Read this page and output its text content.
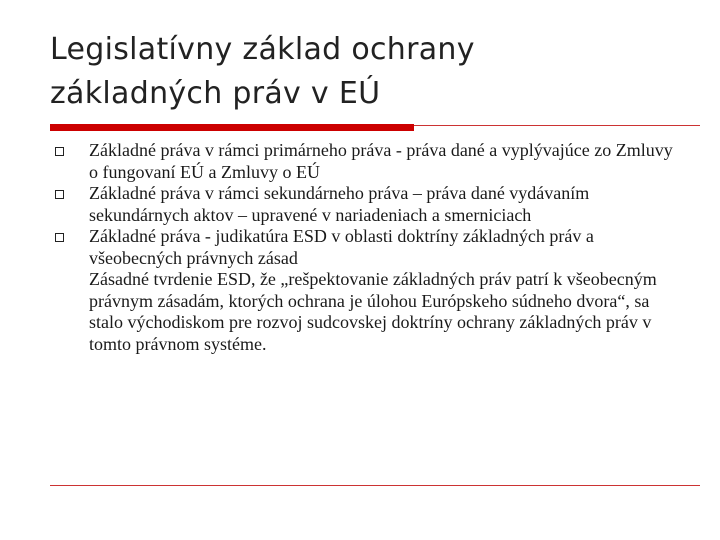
Legislatívny základ ochrany
základných práv v EÚ
Základné práva v rámci primárneho práva - práva dané a vyplývajúce zo Zmluvy o fungovaní EÚ a Zmluvy o EÚ
Základné práva v rámci sekundárneho práva – práva dané vydávaním sekundárnych aktov – upravené v nariadeniach a smerniciach
Základné práva - judikatúra ESD v oblasti doktríny základných práv a všeobecných právnych zásad
Zásadné tvrdenie ESD, že „rešpektovanie základných práv patrí k všeobecným právnym zásadám, ktorých ochrana je úlohou Európskeho súdneho dvora“, sa stalo východiskom pre rozvoj sudcovskej doktríny ochrany základných práv v tomto právnom systéme.
